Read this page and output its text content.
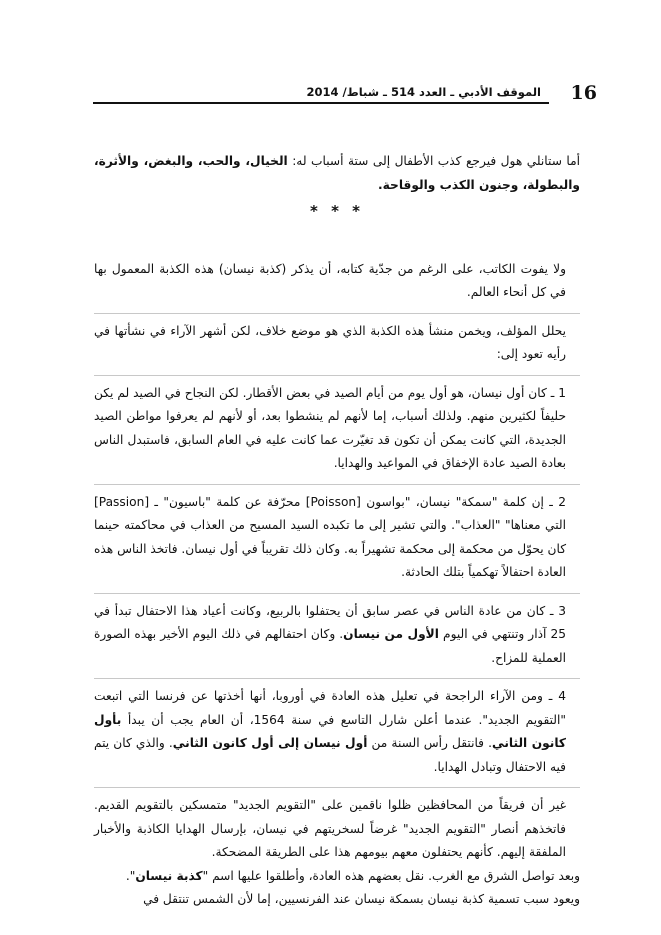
16
الموقف الأدبي ـ العدد 514 ـ شباط/ 2014

أما ستانلي هول فيرجع كذب الأطفال إلى ستة أسباب له: الخيال، والحب، والبغض، والأثرة، والبطولة، وجنون الكذب والوقاحة.

* * *

ولا يفوت الكاتب، على الرغم من جدّية كتابه، أن يذكر (كذبة نيسان) هذه الكذبة المعمول بها في كل أنحاء العالم.

يحلل المؤلف، ويخمن منشأ هذه الكذبة الذي هو موضع خلاف، لكن أشهر الآراء في نشأتها في رأيه تعود إلى:

1 ـ كان أول نيسان، هو أول يوم من أيام الصيد في بعض الأقطار. لكن النجاح في الصيد لم يكن حليفاً لكثيرين منهم. ولذلك أسباب، إما لأنهم لم ينشطوا بعد، أو لأنهم لم يعرفوا مواطن الصيد الجديدة، التي كانت يمكن أن تكون قد تغيّرت عما كانت عليه في العام السابق، فاستبدل الناس بعادة الصيد عادة الإخفاق في المواعيد والهدايا.

2 ـ إن كلمة "سمكة" نيسان، "بواسون [Poisson] محرّفة عن كلمة "باسيون" ـ [Passion] التي معناها" "العذاب". والتي تشير إلى ما تكبده السيد المسيح من العذاب في محاكمته حينما كان يحوّل من محكمة إلى محكمة تشهيراً به. وكان ذلك تقريباً في أول نيسان. فاتخذ الناس هذه العادة احتفالاً تهكمياً بتلك الحادثة.

3 ـ كان من عادة الناس في عصر سابق أن يحتفلوا بالربيع، وكانت أعياد هذا الاحتفال تبدأ في 25 آذار وتنتهي في اليوم الأول من نيسان. وكان احتفالهم في ذلك اليوم الأخير بهذه الصورة العملية للمزاح.

4 ـ ومن الآراء الراجحة في تعليل هذه العادة في أوروبا، أنها أخذتها عن فرنسا التي اتبعت "التقويم الجديد". عندما أعلن شارل التاسع في سنة 1564، أن العام يجب أن يبدأ بأول كانون الثاني. فانتقل رأس السنة من أول نيسان إلى أول كانون الثاني. والذي كان يتم فيه الاحتفال وتبادل الهدايا.

غير أن فريقاً من المحافظين ظلوا ناقمين على "التقويم الجديد" متمسكين بالتقويم القديم. فاتخذهم أنصار "التقويم الجديد" غرضاً لسخريتهم في نيسان، بإرسال الهدايا الكاذبة والأخبار الملفقة إليهم. كأنهم يحتفلون معهم بيومهم هذا على الطريقة المضحكة.

وبعد تواصل الشرق مع الغرب. نقل بعضهم هذه العادة، وأطلقوا عليها اسم "كذبة نيسان".

ويعود سبب تسمية كذبة نيسان بسمكة نيسان عند الفرنسيين، إما لأن الشمس تنتقل في
